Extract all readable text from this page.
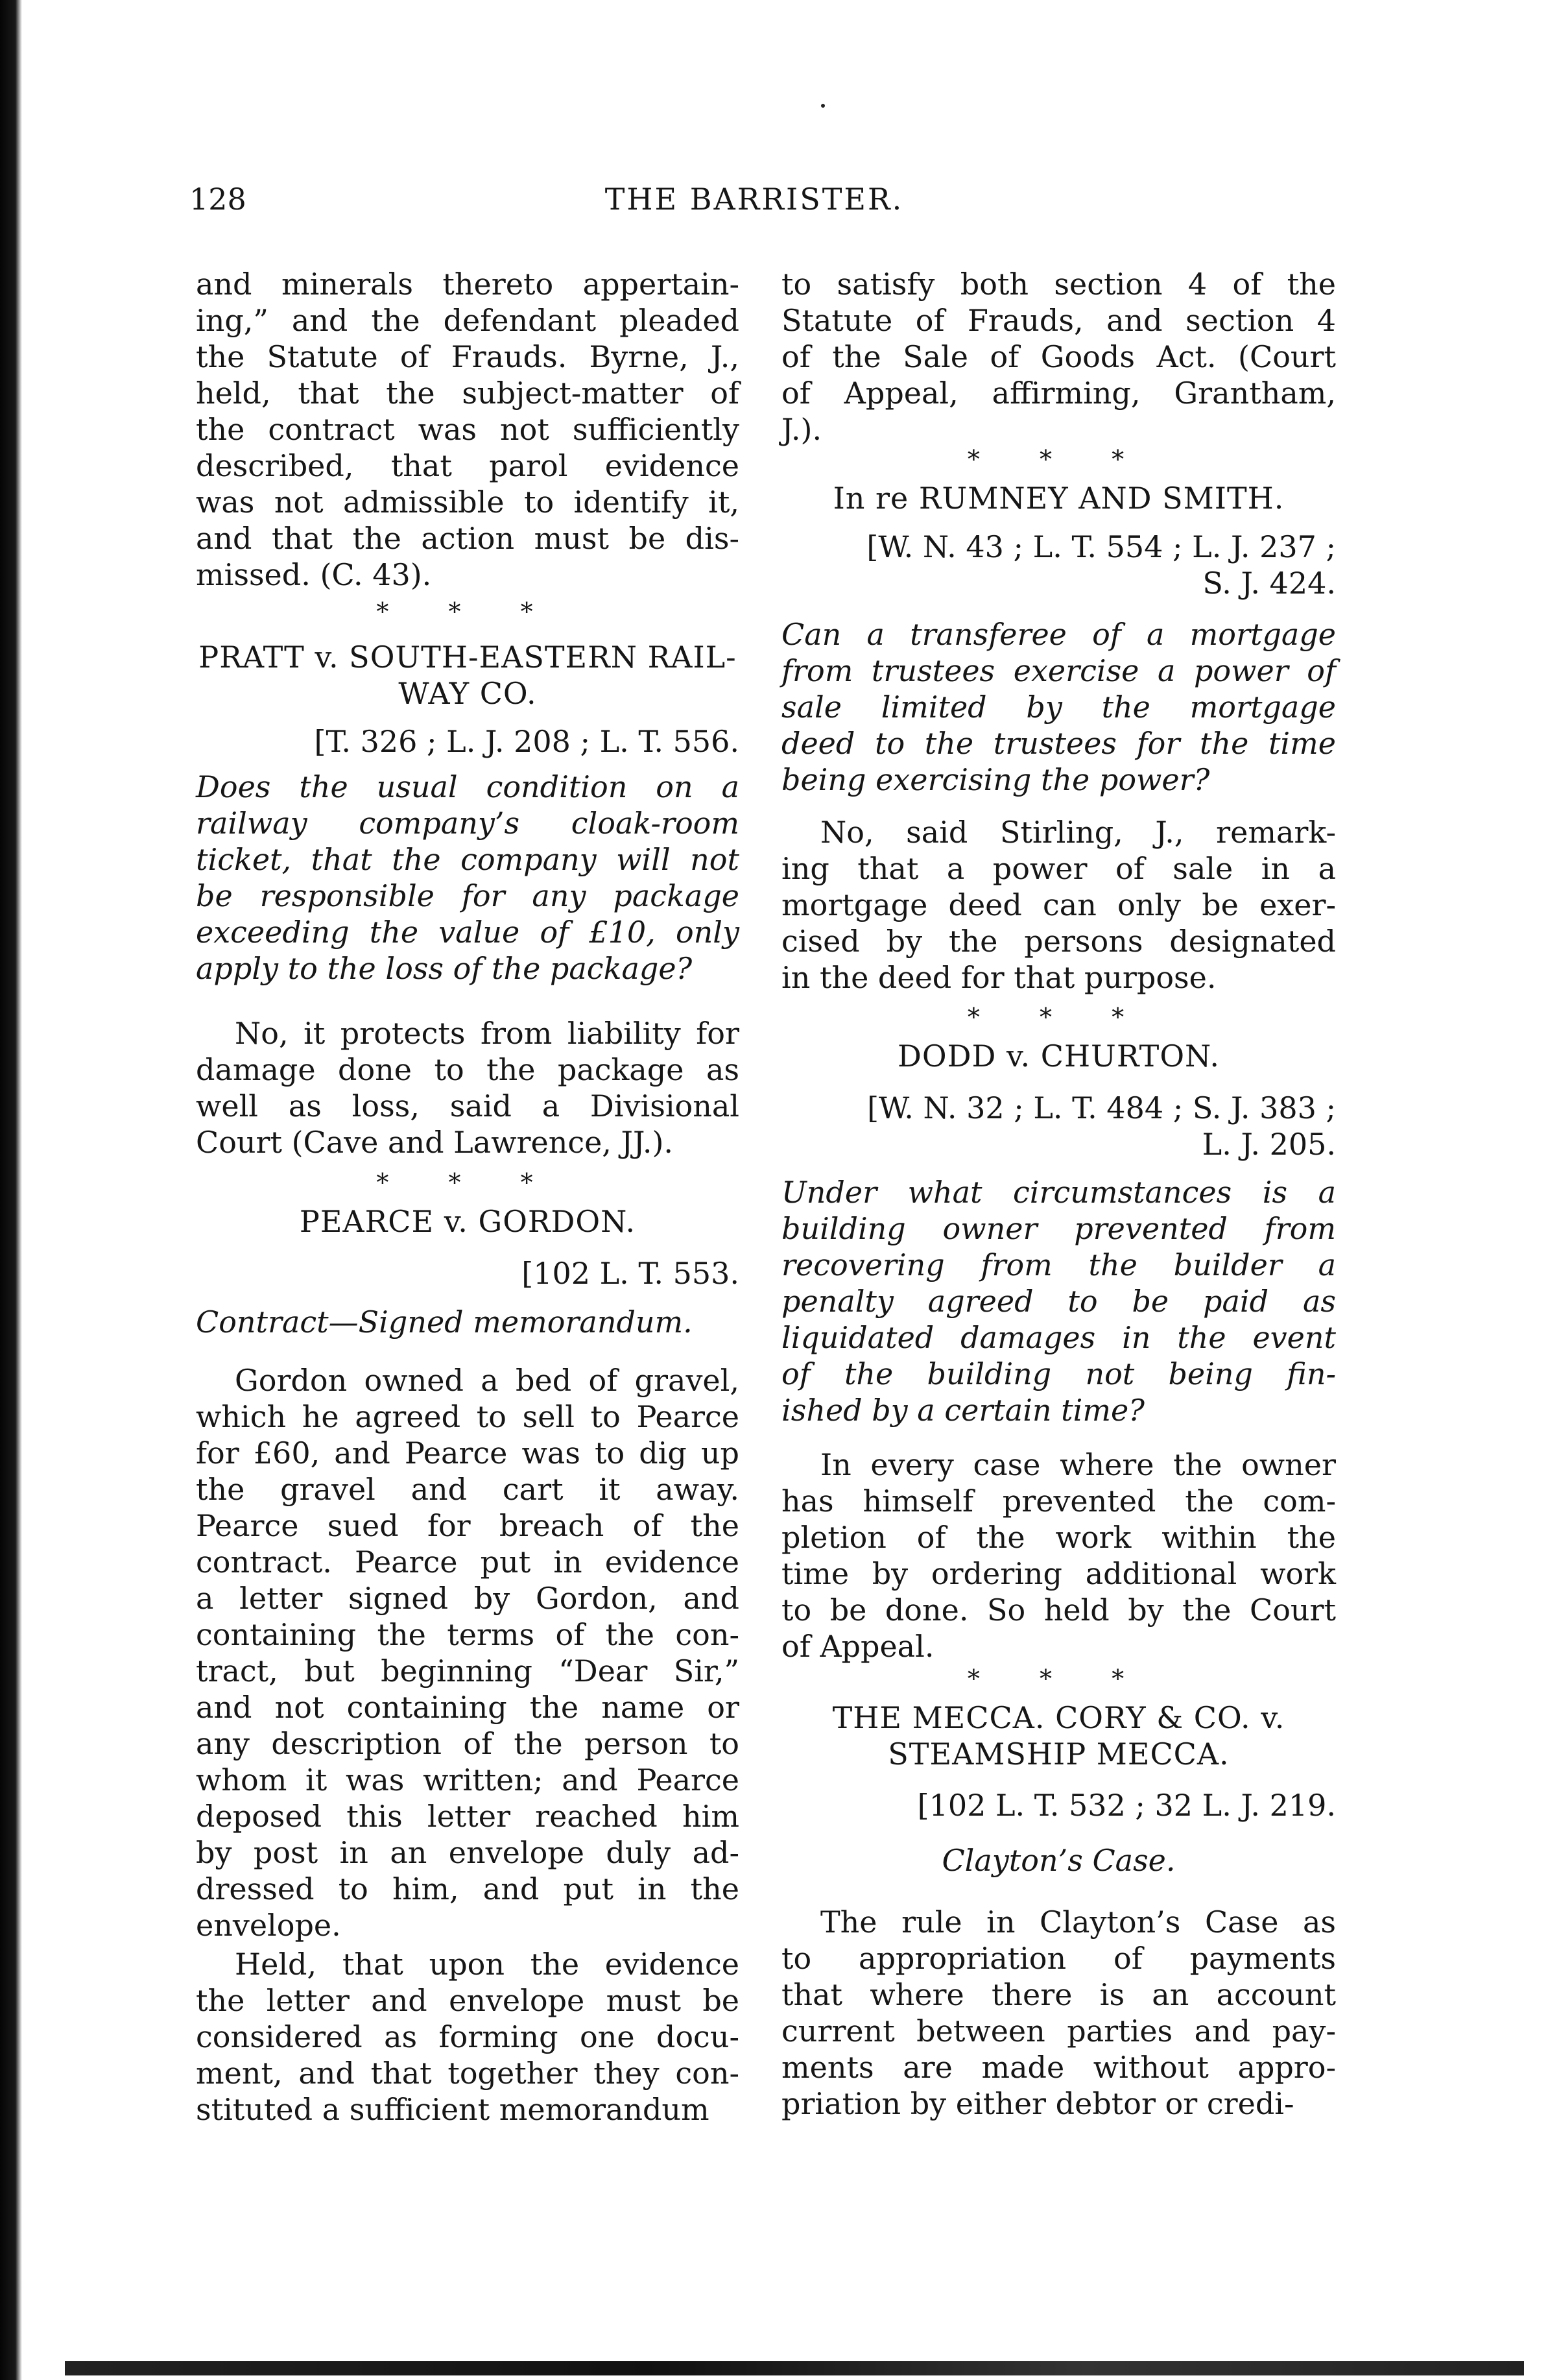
128	THE BARRISTER.
and minerals thereto appertain-
ing,” and the defendant pleaded
the Statute of Frauds. Byrne, J.,
held, that the subject-matter of
the contract was not sufficiently
described, that parol evidence
was not admissible to identify it,
and that the action must be dis-
missed. (C. 43).
* * *
PRATT v. SOUTH-EASTERN RAIL-
WAY CO.
[T. 326 ; L. J. 208 ; L. T. 556.
Does the usual condition on a
railway company’s cloak-room
ticket, that the company will not
be responsible for any package
exceeding the value of £10, only
apply to the loss of the package?
No, it protects from liability for
damage done to the package as
well as loss, said a Divisional
Court (Cave and Lawrence, JJ.).
* * *
PEARCE v. GORDON.
[102 L. T. 553.
Contract—Signed memorandum.
Gordon owned a bed of gravel,
which he agreed to sell to Pearce
for £60, and Pearce was to dig up
the gravel and cart it away.
Pearce sued for breach of the
contract. Pearce put in evidence
a letter signed by Gordon, and
containing the terms of the con-
tract, but beginning “Dear Sir,”
and not containing the name or
any description of the person to
whom it was written; and Pearce
deposed this letter reached him
by post in an envelope duly ad-
dressed to him, and put in the
envelope.
Held, that upon the evidence
the letter and envelope must be
considered as forming one docu-
ment, and that together they con-
stituted a sufficient memorandum
to satisfy both section 4 of the
Statute of Frauds, and section 4
of the Sale of Goods Act. (Court
of Appeal, affirming, Grantham,
J.).
* * *
In re RUMNEY AND SMITH.
[W. N. 43 ; L. T. 554 ; L. J. 237 ;
S. J. 424.
Can a transferee of a mortgage
from trustees exercise a power of
sale limited by the mortgage
deed to the trustees for the time
being exercising the power?
No, said Stirling, J., remark-
ing that a power of sale in a
mortgage deed can only be exer-
cised by the persons designated
in the deed for that purpose.
* * *
DODD v. CHURTON.
[W. N. 32 ; L. T. 484 ; S. J. 383 ;
L. J. 205.
Under what circumstances is a
building owner prevented from
recovering from the builder a
penalty agreed to be paid as
liquidated damages in the event
of the building not being fin-
ished by a certain time?
In every case where the owner
has himself prevented the com-
pletion of the work within the
time by ordering additional work
to be done. So held by the Court
of Appeal.
* * *
THE MECCA. CORY & CO. v.
STEAMSHIP MECCA.
[102 L. T. 532 ; 32 L. J. 219.
Clayton’s Case.
The rule in Clayton’s Case as
to appropriation of payments
that where there is an account
current between parties and pay-
ments are made without appro-
priation by either debtor or credi-
